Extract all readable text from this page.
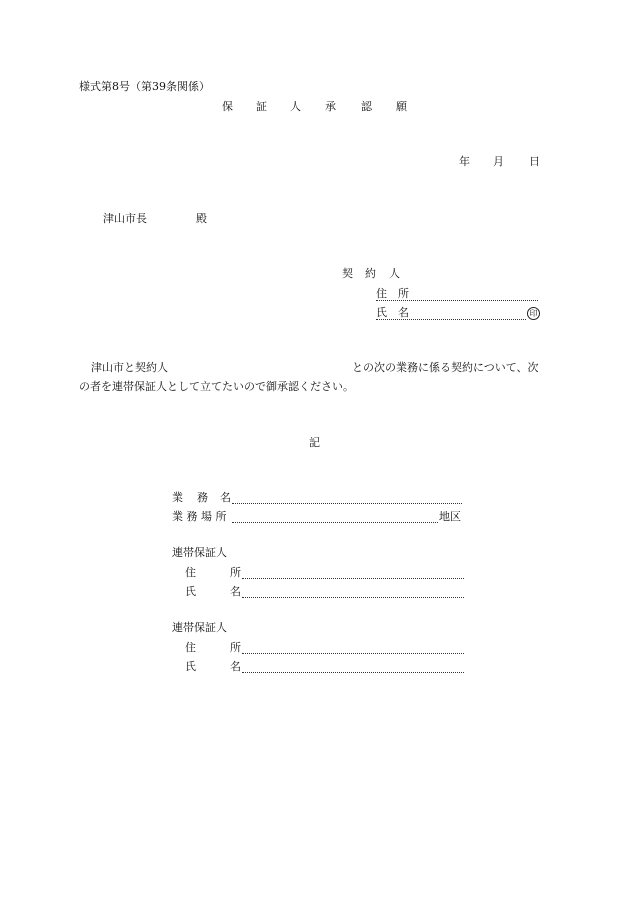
様式第8号（第39条関係）
保 証 人 承 認 願
年 月 日
津山市長	殿
契 約 人
住 所
氏 名	印
津山市と契約人	との次の業務に係る契約について、次
の者を連帯保証人として立てたいので御承認ください。
記
業 務 名
業 務 場 所	地区
連帯保証人
住	所
氏	名
連帯保証人
住	所
氏	名
